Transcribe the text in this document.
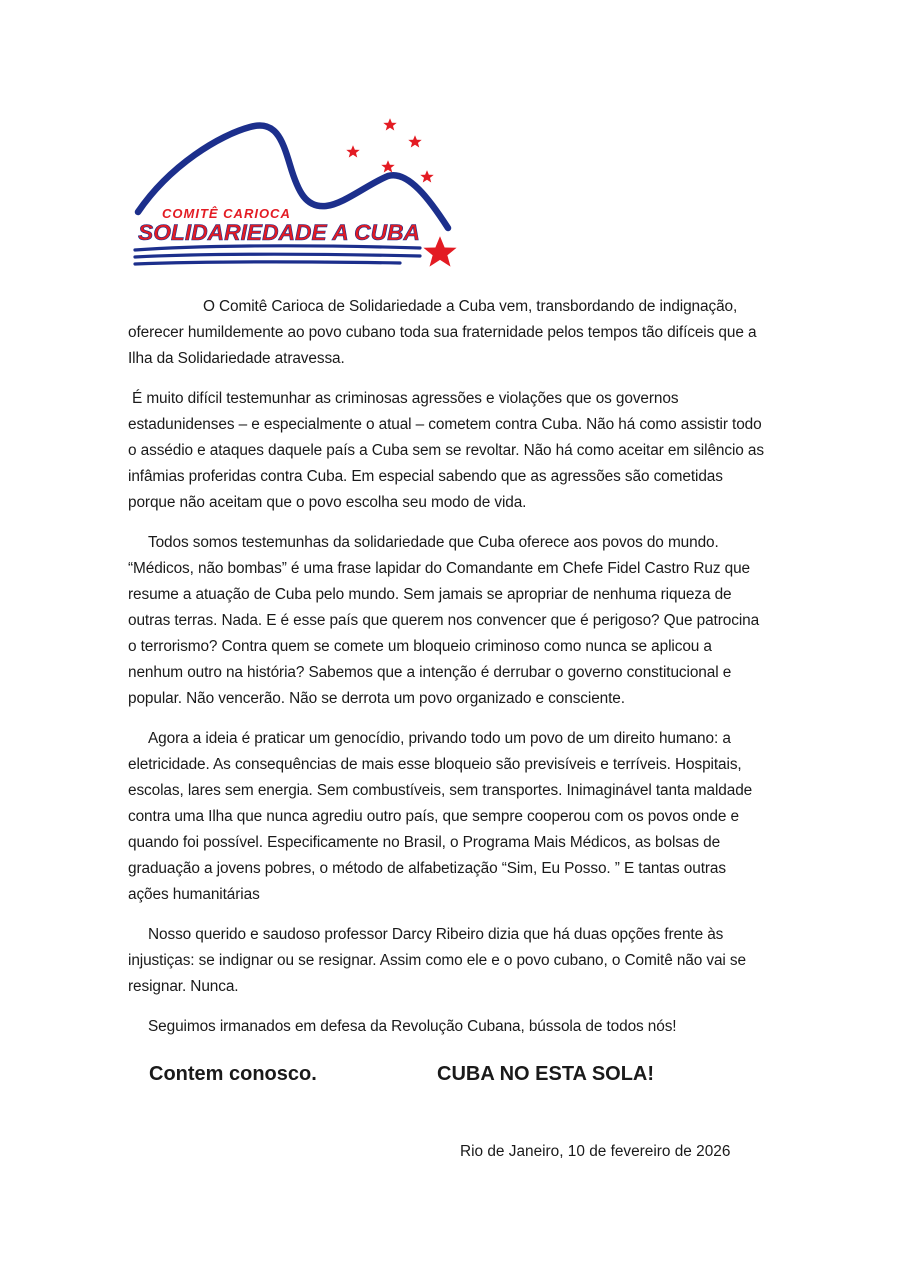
COMITÊ CARIOCA
SOLIDARIEDADE A CUBA

O Comitê Carioca de Solidariedade a Cuba vem, transbordando de indignação, oferecer humildemente ao povo cubano toda sua fraternidade pelos tempos tão difíceis que a Ilha da Solidariedade atravessa.

É muito difícil testemunhar as criminosas agressões e violações que os governos estadunidenses – e especialmente o atual – cometem contra Cuba. Não há como assistir todo o assédio e ataques daquele país a Cuba sem se revoltar. Não há como aceitar em silêncio as infâmias proferidas contra Cuba. Em especial sabendo que as agressões são cometidas porque não aceitam que o povo escolha seu modo de vida.

Todos somos testemunhas da solidariedade que Cuba oferece aos povos do mundo. “Médicos, não bombas” é uma frase lapidar do Comandante em Chefe Fidel Castro Ruz que resume a atuação de Cuba pelo mundo. Sem jamais se apropriar de nenhuma riqueza de outras terras. Nada. E é esse país que querem nos convencer que é perigoso? Que patrocina o terrorismo? Contra quem se comete um bloqueio criminoso como nunca se aplicou a nenhum outro na história? Sabemos que a intenção é derrubar o governo constitucional e popular. Não vencerão. Não se derrota um povo organizado e consciente.

Agora a ideia é praticar um genocídio, privando todo um povo de um direito humano: a eletricidade. As consequências de mais esse bloqueio são previsíveis e terríveis. Hospitais, escolas, lares sem energia. Sem combustíveis, sem transportes. Inimaginável tanta maldade contra uma Ilha que nunca agrediu outro país, que sempre cooperou com os povos onde e quando foi possível. Especificamente no Brasil, o Programa Mais Médicos, as bolsas de graduação a jovens pobres, o método de alfabetização “Sim, Eu Posso. ” E tantas outras ações humanitárias

Nosso querido e saudoso professor Darcy Ribeiro dizia que há duas opções frente às injustiças: se indignar ou se resignar. Assim como ele e o povo cubano, o Comitê não vai se resignar. Nunca.

Seguimos irmanados em defesa da Revolução Cubana, bússola de todos nós!

Contem conosco.	CUBA NO ESTA SOLA!
Rio de Janeiro, 10 de fevereiro de 2026
